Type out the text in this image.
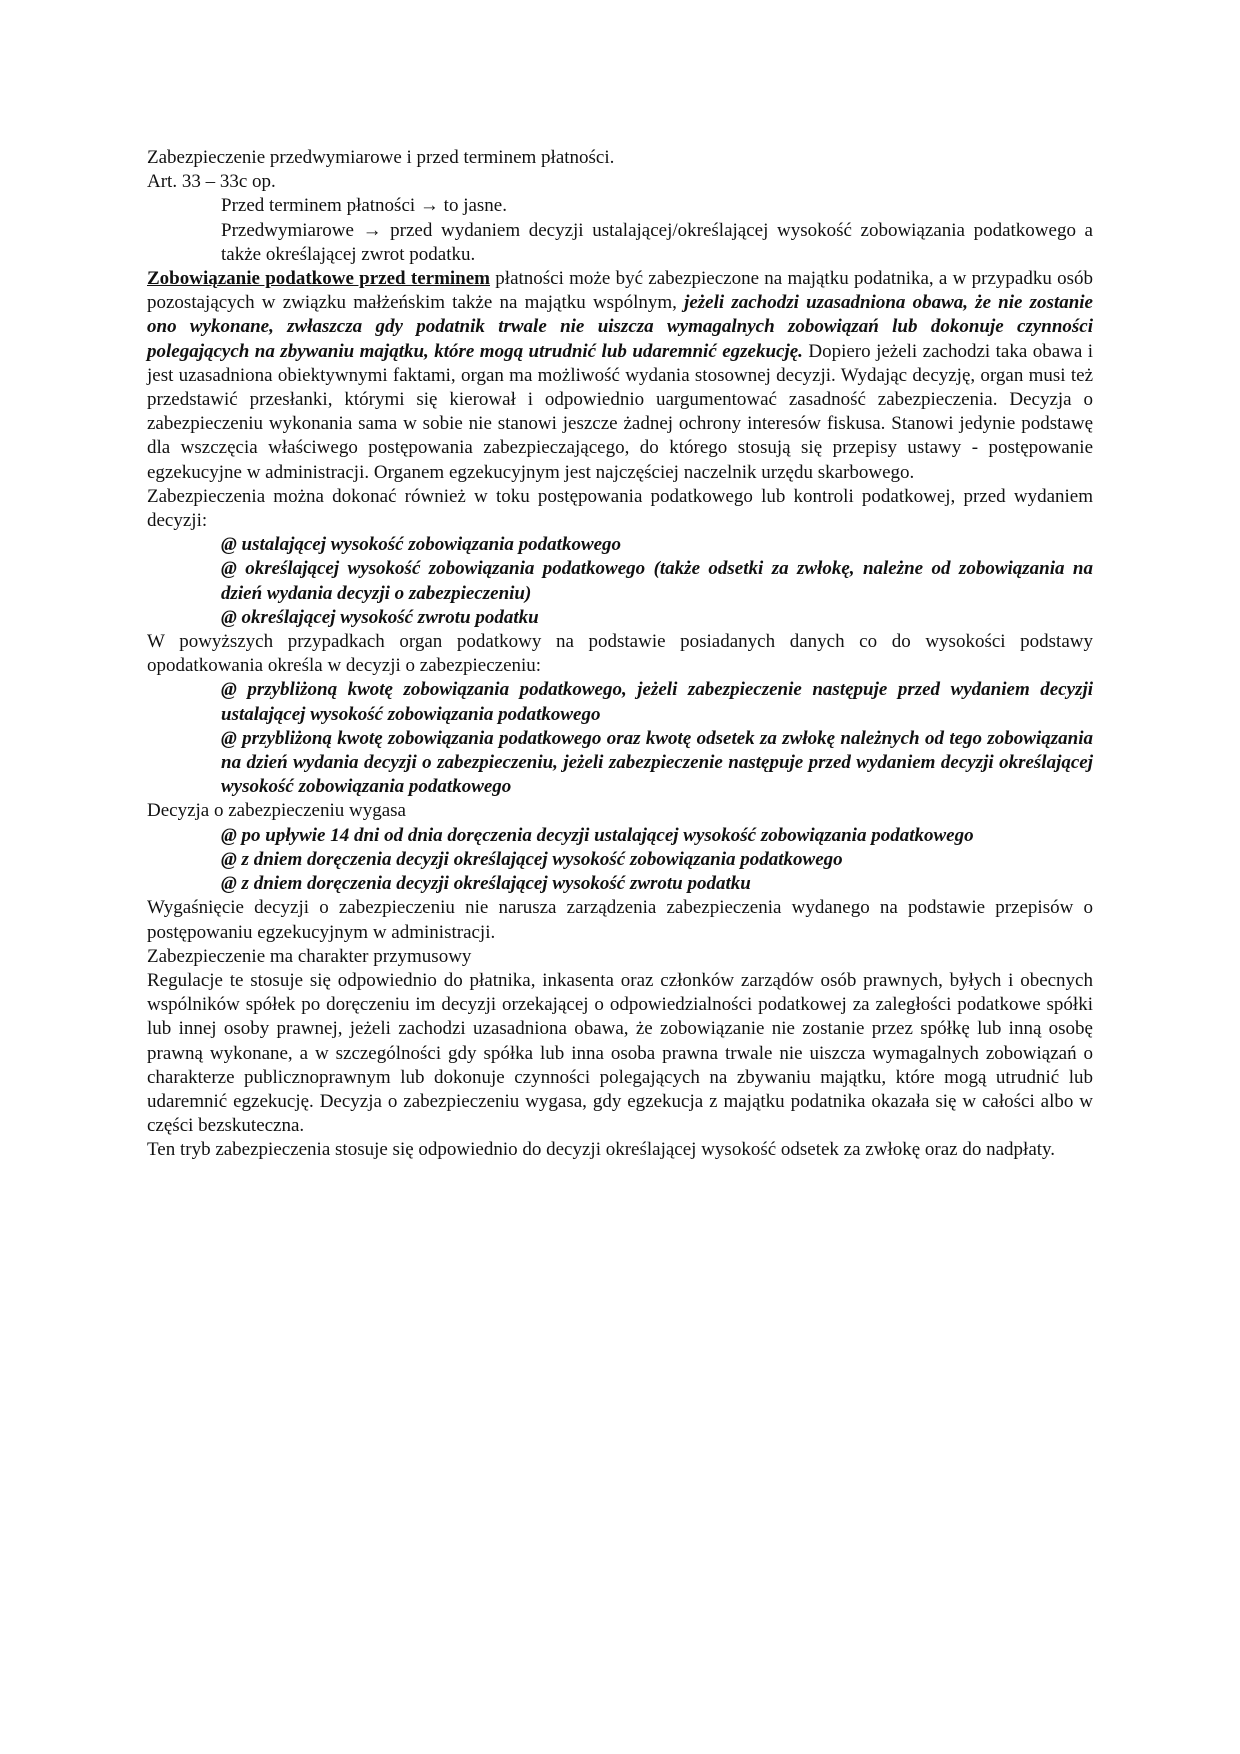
Zabezpieczenie przedwymiarowe i przed terminem płatności.

Art. 33 – 33c op.

Przed terminem płatności → to jasne.

Przedwymiarowe → przed wydaniem decyzji ustalającej/określającej wysokość zobowiązania podatkowego a także określającej zwrot podatku.

Zobowiązanie podatkowe przed terminem płatności może być zabezpieczone na majątku podatnika, a w przypadku osób pozostających w związku małżeńskim także na majątku wspólnym, jeżeli zachodzi uzasadniona obawa, że nie zostanie ono wykonane, zwłaszcza gdy podatnik trwale nie uiszcza wymagalnych zobowiązań lub dokonuje czynności polegających na zbywaniu majątku, które mogą utrudnić lub udaremnić egzekucję. Dopiero jeżeli zachodzi taka obawa i jest uzasadniona obiektywnymi faktami, organ ma możliwość wydania stosownej decyzji. Wydając decyzję, organ musi też przedstawić przesłanki, którymi się kierował i odpowiednio uargumentować zasadność zabezpieczenia. Decyzja o zabezpieczeniu wykonania sama w sobie nie stanowi jeszcze żadnej ochrony interesów fiskusa. Stanowi jedynie podstawę dla wszczęcia właściwego postępowania zabezpieczającego, do którego stosują się przepisy ustawy - postępowanie egzekucyjne w administracji. Organem egzekucyjnym jest najczęściej naczelnik urzędu skarbowego.

Zabezpieczenia można dokonać również w toku postępowania podatkowego lub kontroli podatkowej, przed wydaniem decyzji:

@ ustalającej wysokość zobowiązania podatkowego

@ określającej wysokość zobowiązania podatkowego (także odsetki za zwłokę, należne od zobowiązania na dzień wydania decyzji o zabezpieczeniu)

@ określającej wysokość zwrotu podatku

W powyższych przypadkach organ podatkowy na podstawie posiadanych danych co do wysokości podstawy opodatkowania określa w decyzji o zabezpieczeniu:

@ przybliżoną kwotę zobowiązania podatkowego, jeżeli zabezpieczenie następuje przed wydaniem decyzji ustalającej wysokość zobowiązania podatkowego

@ przybliżoną kwotę zobowiązania podatkowego oraz kwotę odsetek za zwłokę należnych od tego zobowiązania na dzień wydania decyzji o zabezpieczeniu, jeżeli zabezpieczenie następuje przed wydaniem decyzji określającej wysokość zobowiązania podatkowego

Decyzja o zabezpieczeniu wygasa

@ po upływie 14 dni od dnia doręczenia decyzji ustalającej wysokość zobowiązania podatkowego

@ z dniem doręczenia decyzji określającej wysokość zobowiązania podatkowego

@ z dniem doręczenia decyzji określającej wysokość zwrotu podatku

Wygaśnięcie decyzji o zabezpieczeniu nie narusza zarządzenia zabezpieczenia wydanego na podstawie przepisów o postępowaniu egzekucyjnym w administracji.

Zabezpieczenie ma charakter przymusowy

Regulacje te stosuje się odpowiednio do płatnika, inkasenta oraz członków zarządów osób prawnych, byłych i obecnych wspólników spółek po doręczeniu im decyzji orzekającej o odpowiedzialności podatkowej za zaległości podatkowe spółki lub innej osoby prawnej, jeżeli zachodzi uzasadniona obawa, że zobowiązanie nie zostanie przez spółkę lub inną osobę prawną wykonane, a w szczególności gdy spółka lub inna osoba prawna trwale nie uiszcza wymagalnych zobowiązań o charakterze publicznoprawnym lub dokonuje czynności polegających na zbywaniu majątku, które mogą utrudnić lub udaremnić egzekucję. Decyzja o zabezpieczeniu wygasa, gdy egzekucja z majątku podatnika okazała się w całości albo w części bezskuteczna.

Ten tryb zabezpieczenia stosuje się odpowiednio do decyzji określającej wysokość odsetek za zwłokę oraz do nadpłaty.
